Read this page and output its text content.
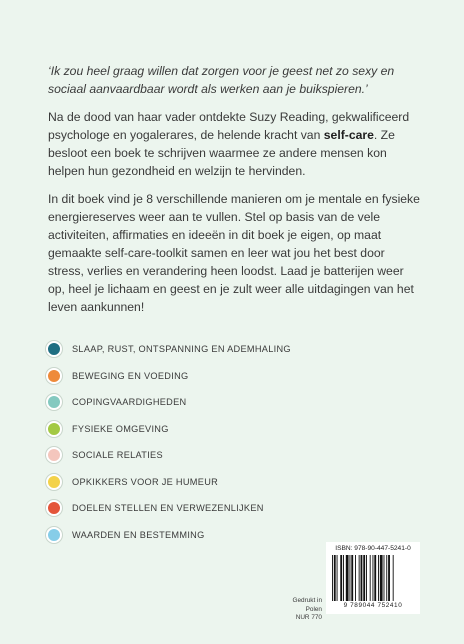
‘Ik zou heel graag willen dat zorgen voor je geest net zo sexy en sociaal aanvaardbaar wordt als werken aan je buikspieren.’

Na de dood van haar vader ontdekte Suzy Reading, gekwalificeerd psychologe en yogalerares, de helende kracht van self-care. Ze besloot een boek te schrijven waarmee ze andere mensen kon helpen hun gezondheid en welzijn te hervinden.

In dit boek vind je 8 verschillende manieren om je mentale en fysieke energiereserves weer aan te vullen. Stel op basis van de vele activiteiten, affirmaties en ideeën in dit boek je eigen, op maat gemaakte self-care-toolkit samen en leer wat jou het best door stress, verlies en verandering heen loodst. Laad je batterijen weer op, heel je lichaam en geest en je zult weer alle uitdagingen van het leven aankunnen!

SLAAP, RUST, ONTSPANNING EN ADEMHALING
BEWEGING EN VOEDING
COPINGVAARDIGHEDEN
FYSIEKE OMGEVING
SOCIALE RELATIES
OPKIKKERS VOOR JE HUMEUR
DOELEN STELLEN EN VERWEZENLIJKEN
WAARDEN EN BESTEMMING
Gedrukt in Polen
NUR 770
ISBN: 978-90-447-5241-0
9 789044 752410
